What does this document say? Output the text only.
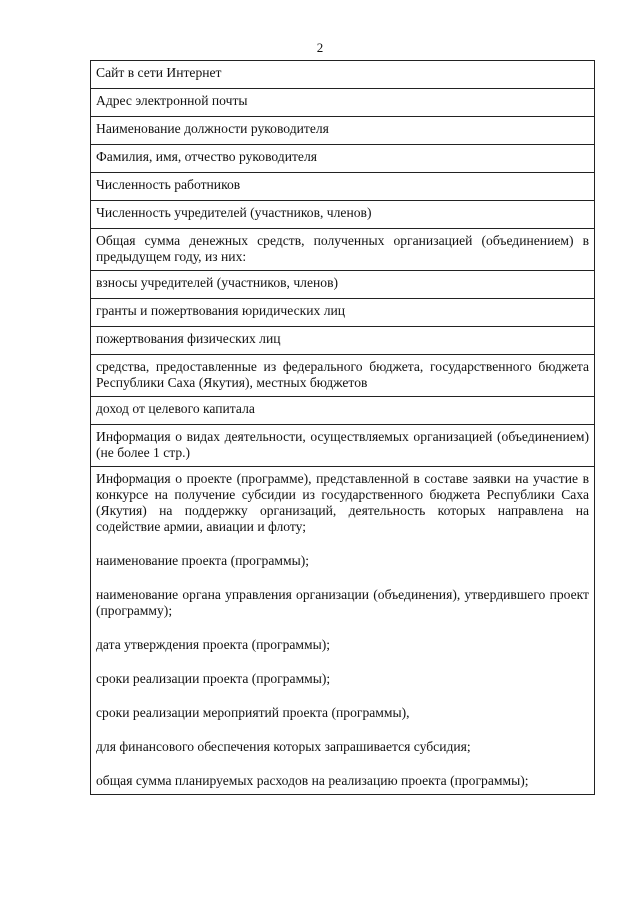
2
Сайт в сети Интернет
Адрес электронной почты
Наименование должности руководителя
Фамилия, имя, отчество руководителя
Численность работников
Численность учредителей (участников, членов)
Общая сумма денежных средств, полученных организацией (объединением) в предыдущем году, из них:
взносы учредителей (участников, членов)
гранты и пожертвования юридических лиц
пожертвования физических лиц
средства, предоставленные из федерального бюджета, государственного бюджета Республики Саха (Якутия), местных бюджетов
доход от целевого капитала
Информация о видах деятельности, осуществляемых организацией (объединением) (не более 1 стр.)

Информация о проекте (программе), представленной в составе заявки на участие в конкурсе на получение субсидии из государственного бюджета Республики Саха (Якутия) на поддержку организаций, деятельность которых направлена на содействие армии, авиации и флоту;

наименование проекта (программы);

наименование органа управления организации (объединения), утвердившего проект (программу);

дата утверждения проекта (программы);

сроки реализации проекта (программы);

сроки реализации мероприятий проекта (программы),

для финансового обеспечения которых запрашивается субсидия;

общая сумма планируемых расходов на реализацию проекта (программы);
